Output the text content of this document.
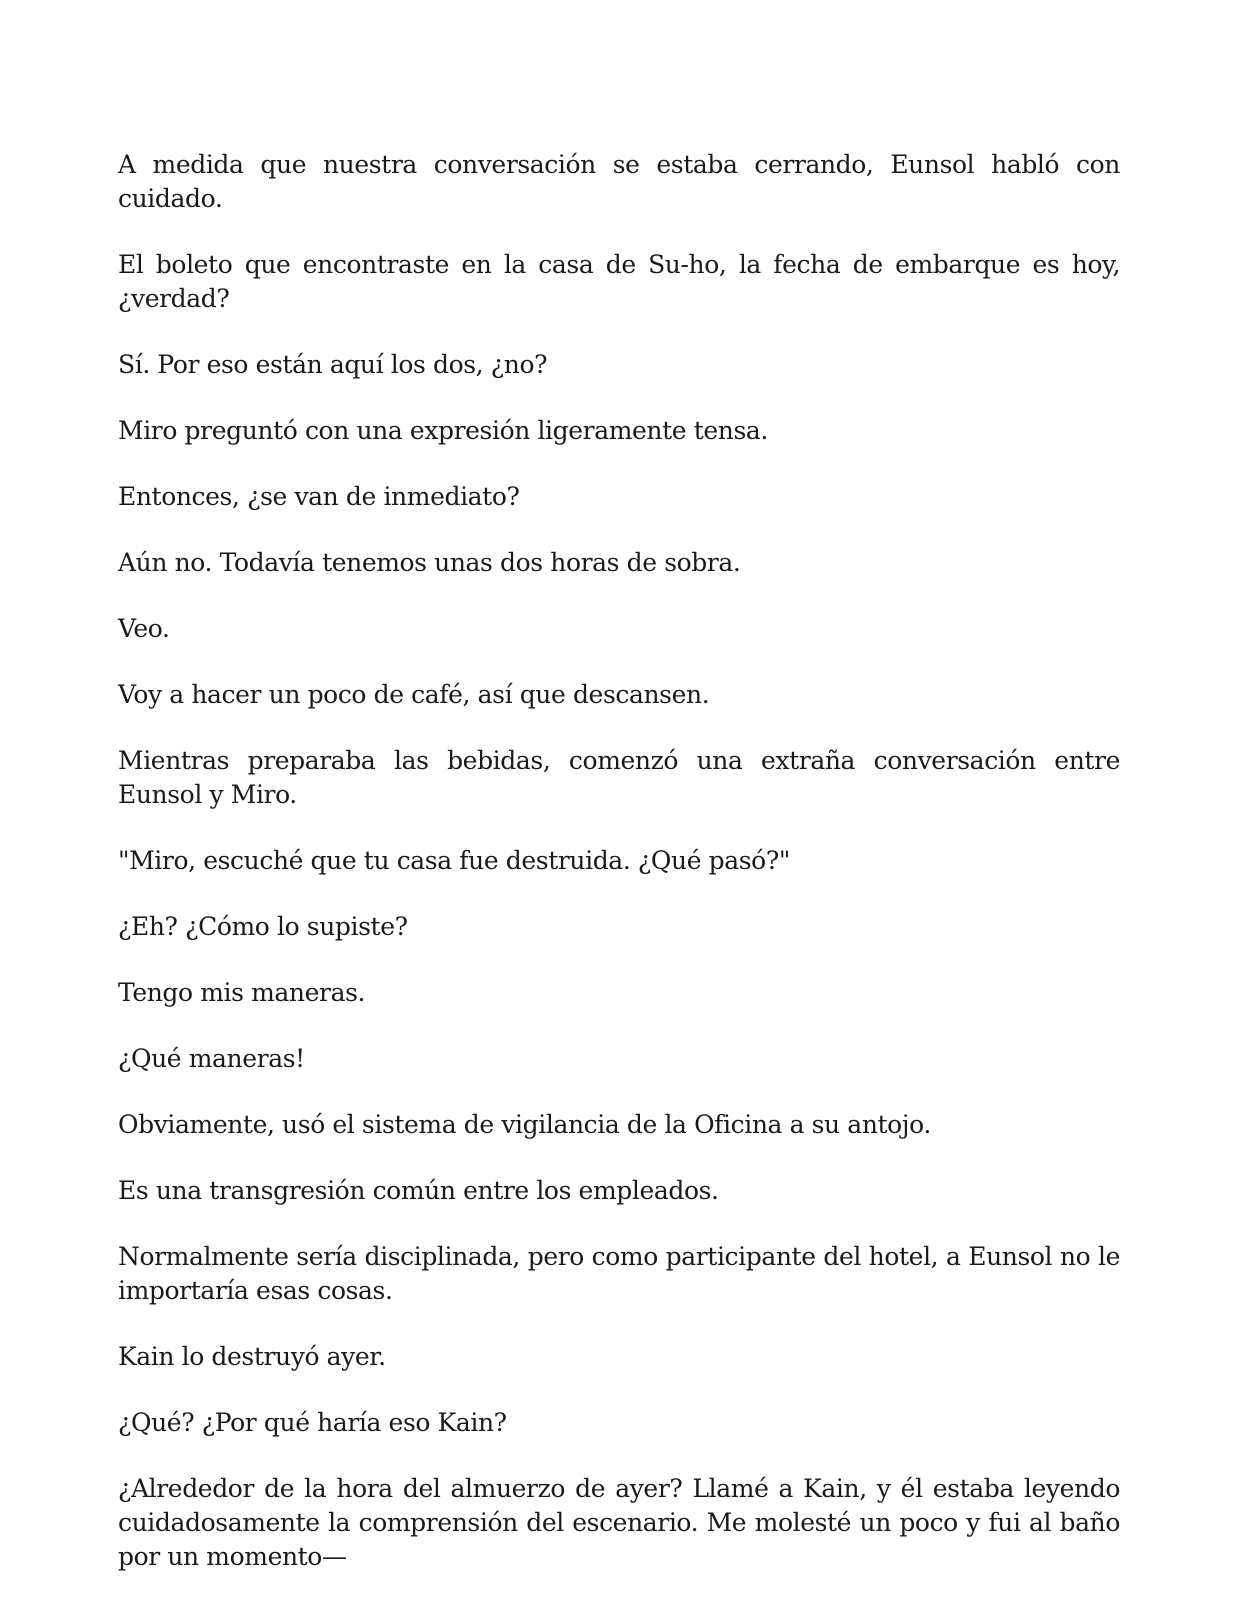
A medida que nuestra conversación se estaba cerrando, Eunsol habló con cuidado.

El boleto que encontraste en la casa de Su-ho, la fecha de embarque es hoy, ¿verdad?

Sí. Por eso están aquí los dos, ¿no?

Miro preguntó con una expresión ligeramente tensa.

Entonces, ¿se van de inmediato?

Aún no. Todavía tenemos unas dos horas de sobra.

Veo.

Voy a hacer un poco de café, así que descansen.

Mientras preparaba las bebidas, comenzó una extraña conversación entre Eunsol y Miro.

"Miro, escuché que tu casa fue destruida. ¿Qué pasó?"

¿Eh? ¿Cómo lo supiste?

Tengo mis maneras.

¿Qué maneras!

Obviamente, usó el sistema de vigilancia de la Oficina a su antojo.

Es una transgresión común entre los empleados.

Normalmente sería disciplinada, pero como participante del hotel, a Eunsol no le importaría esas cosas.

Kain lo destruyó ayer.

¿Qué? ¿Por qué haría eso Kain?

¿Alrededor de la hora del almuerzo de ayer? Llamé a Kain, y él estaba leyendo cuidadosamente la comprensión del escenario. Me molesté un poco y fui al baño por un momento—
